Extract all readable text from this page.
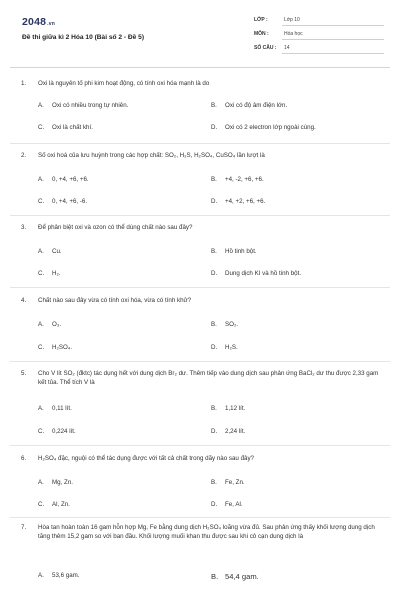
2048.vn
Đề thi giữa kì 2 Hóa 10 (Bài số 2 - Đề 5)
LỚP :	Lớp 10
MÔN :	Hóa học
SỐ CÂU : 14
1. Oxi là nguyên tố phi kim hoạt động, có tính oxi hóa mạnh là do
A. Oxi có nhiều trong tự nhiên.	B. Oxi có độ âm điện lớn.
C. Oxi là chất khí.	D. Oxi có 2 electron lớp ngoài cùng.
2. Số oxi hoá của lưu huỳnh trong các hợp chất: SO₂, H₂S, H₂SO₄, CuSO₄ lần lượt là
A. 0, +4, +6, +6.	B. +4, -2, +6, +6.
C. 0, +4, +6, -6.	D. +4, +2, +6, +6.
3. Để phân biệt oxi và ozon có thể dùng chất nào sau đây?
A. Cu.	B. Hồ tinh bột.
C. H₂.	D. Dung dịch KI và hồ tinh bột.
4. Chất nào sau đây vừa có tính oxi hóa, vừa có tính khử?
A. O₃.	B. SO₂.
C. H₂SO₄.	D. H₂S.
5. Cho V lít SO₂ (đktc) tác dụng hết với dung dịch Br₂ dư. Thêm tiếp vào dung dịch sau phản ứng BaCl₂ dư thu được 2,33 gam kết tủa. Thể tích V là
A. 0,11 lít.	B. 1,12 lít.
C. 0,224 lít.	D. 2,24 lít.
6. H₂SO₄ đặc, nguội có thể tác dụng được với tất cả chất trong dãy nào sau đây?
A. Mg, Zn.	B. Fe, Zn.
C. Al, Zn.	D. Fe, Al.
7. Hòa tan hoàn toàn 16 gam hỗn hợp Mg, Fe bằng dung dịch H₂SO₄ loãng vừa đủ. Sau phản ứng thấy khối lượng dung dịch tăng thêm 15,2 gam so với ban đầu. Khối lượng muối khan thu được sau khi cô cạn dung dịch là
A. 53,6 gam.	B. 54,4 gam.
